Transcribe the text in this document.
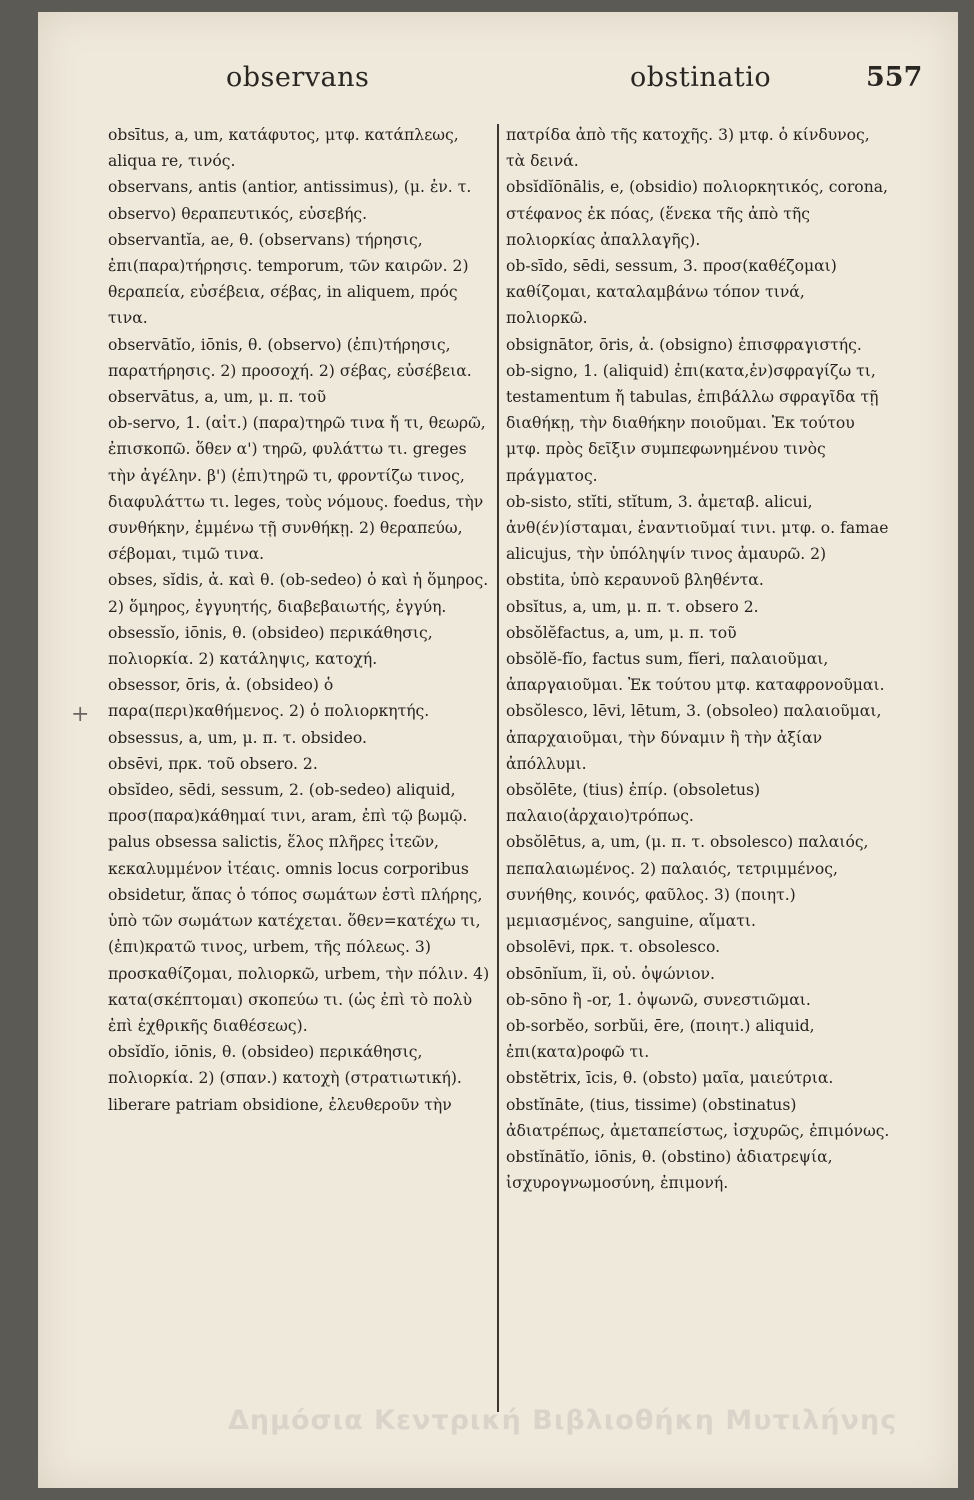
observans	obstinatio	557

obsītus, a, um, κατάφυτος, μτφ. κατάπλεως, aliqua re, τινός.

observans, antis (antior, antissimus), (μ. ἐν. τ. observo) θεραπευτικός, εὐσεβής.

observantĭa, ae, θ. (observans) τήρησις, ἐπι(παρα)τήρησις. temporum, τῶν καιρῶν. 2) θεραπεία, εὐσέβεια, σέβας, in aliquem, πρός τινα.

observātĭo, iōnis, θ. (observo) (ἐπι)τήρησις, παρατήρησις. 2) προσοχή. 2) σέβας, εὐσέβεια.

observātus, a, um, μ. π. τοῦ

ob-servo, 1. (αἰτ.) (παρα)τηρῶ τινα ἤ τι, θεωρῶ, ἐπισκοπῶ. ὅθεν α') τηρῶ, φυλάττω τι. greges τὴν ἀγέλην. β') (ἐπι)τηρῶ τι, φροντίζω τινος, διαφυλάττω τι. leges, τοὺς νόμους. foedus, τὴν συνθήκην, ἐμμένω τῇ συνθήκῃ. 2) θεραπεύω, σέβομαι, τιμῶ τινα.

obses, sĭdis, ἀ. καὶ θ. (ob-sedeo) ὁ καὶ ἡ ὅμηρος. 2) ὅμηρος, ἐγγυητής, διαβεβαιωτής, ἐγγύη.

obsessĭo, iōnis, θ. (obsideo) περικάθησις, πολιορκία. 2) κατάληψις, κατοχή.

obsessor, ōris, ἀ. (obsideo) ὁ παρα(περι)καθήμενος. 2) ὁ πολιορκητής.

obsessus, a, um, μ. π. τ. obsideo.

obsēvi, πρκ. τοῦ obsero. 2.

obsĭdeo, sēdi, sessum, 2. (ob-sedeo) aliquid, προσ(παρα)κάθημαί τινι, aram, ἐπὶ τῷ βωμῷ. palus obsessa salictis, ἕλος πλῆρες ἰτεῶν, κεκαλυμμένον ἰτέαις. omnis locus corporibus obsidetur, ἅπας ὁ τόπος σωμάτων ἐστὶ πλήρης, ὑπὸ τῶν σωμάτων κατέχεται. ὅθεν=κατέχω τι, (ἐπι)κρατῶ τινος, urbem, τῆς πόλεως. 3) προσκαθίζομαι, πολιορκῶ, urbem, τὴν πόλιν. 4) κατα(σκέπτομαι) σκοπεύω τι. (ὡς ἐπὶ τὸ πολὺ ἐπὶ ἐχθρικῆς διαθέσεως).

obsĭdĭo, iōnis, θ. (obsideo) περικάθησις, πολιορκία. 2) (σπαν.) κατοχὴ (στρατιωτική). liberare patriam obsidione, ἐλευθεροῦν τὴν

πατρίδα ἀπὸ τῆς κατοχῆς. 3) μτφ. ὁ κίνδυνος, τὰ δεινά.

obsĭdĭōnālis, e, (obsidio) πολιορκητικός, corona, στέφανος ἐκ πόας, (ἕνεκα τῆς ἀπὸ τῆς πολιορκίας ἀπαλλαγῆς).

ob-sīdo, sēdi, sessum, 3. προσ(καθέζομαι) καθίζομαι, καταλαμβάνω τόπον τινά, πολιορκῶ.

obsignātor, ōris, ἀ. (obsigno) ἐπισφραγιστής.

ob-signo, 1. (aliquid) ἐπι(κατα,ἐν)σφραγίζω τι, testamentum ἤ tabulas, ἐπιβάλλω σφραγῖδα τῇ διαθήκῃ, τὴν διαθήκην ποιοῦμαι. Ἐκ τούτου μτφ. πρὸς δεῖξιν συμπεφωνημένου τινὸς πράγματος.

ob-sisto, stĭti, stĭtum, 3. ἀμεταβ. alicui, ἀνθ(έν)ίσταμαι, ἐναντιοῦμαί τινι. μτφ. ο. famae alicujus, τὴν ὑπόληψίν τινος ἀμαυρῶ. 2) obstita, ὑπὸ κεραυνοῦ βληθέντα.

obsĭtus, a, um, μ. π. τ. obsero 2.

obsŏlĕfactus, a, um, μ. π. τοῦ

obsŏlĕ-fĭo, factus sum, fĭeri, παλαιοῦμαι, ἀπαργαιοῦμαι. Ἐκ τούτου μτφ. καταφρονοῦμαι.

obsŏlesco, lēvi, lētum, 3. (obsoleo) παλαιοῦμαι, ἀπαρχαιοῦμαι, τὴν δύναμιν ἢ τὴν ἀξίαν ἀπόλλυμι.

obsŏlēte, (tius) ἐπίρ. (obsoletus) παλαιο(ἀρχαιο)τρόπως.

obsŏlētus, a, um, (μ. π. τ. obsolesco) παλαιός, πεπαλαιωμένος. 2) παλαιός, τετριμμένος, συνήθης, κοινός, φαῦλος. 3) (ποιητ.) μεμιασμένος, sanguine, αἵματι.

obsolēvi, πρκ. τ. obsolesco.

obsōnĭum, ĭi, οὐ. ὀψώνιον.

ob-sōno ἢ -or, 1. ὀψωνῶ, συνεστιῶμαι.

ob-sorbĕo, sorbŭi, ēre, (ποιητ.) aliquid, ἐπι(κατα)ροφῶ τι.

obstĕtrix, īcis, θ. (obsto) μαῖα, μαιεύτρια.

obstĭnāte, (tius, tissime) (obstinatus) ἀδιατρέπως, ἀμεταπείστως, ἰσχυρῶς, ἐπιμόνως.

obstĭnātĭo, iōnis, θ. (obstino) ἀδιατρεψία, ἰσχυρογνωμοσύνη, ἐπιμονή.

+
Δημόσια Κεντρική Βιβλιοθήκη Μυτιλήνης
